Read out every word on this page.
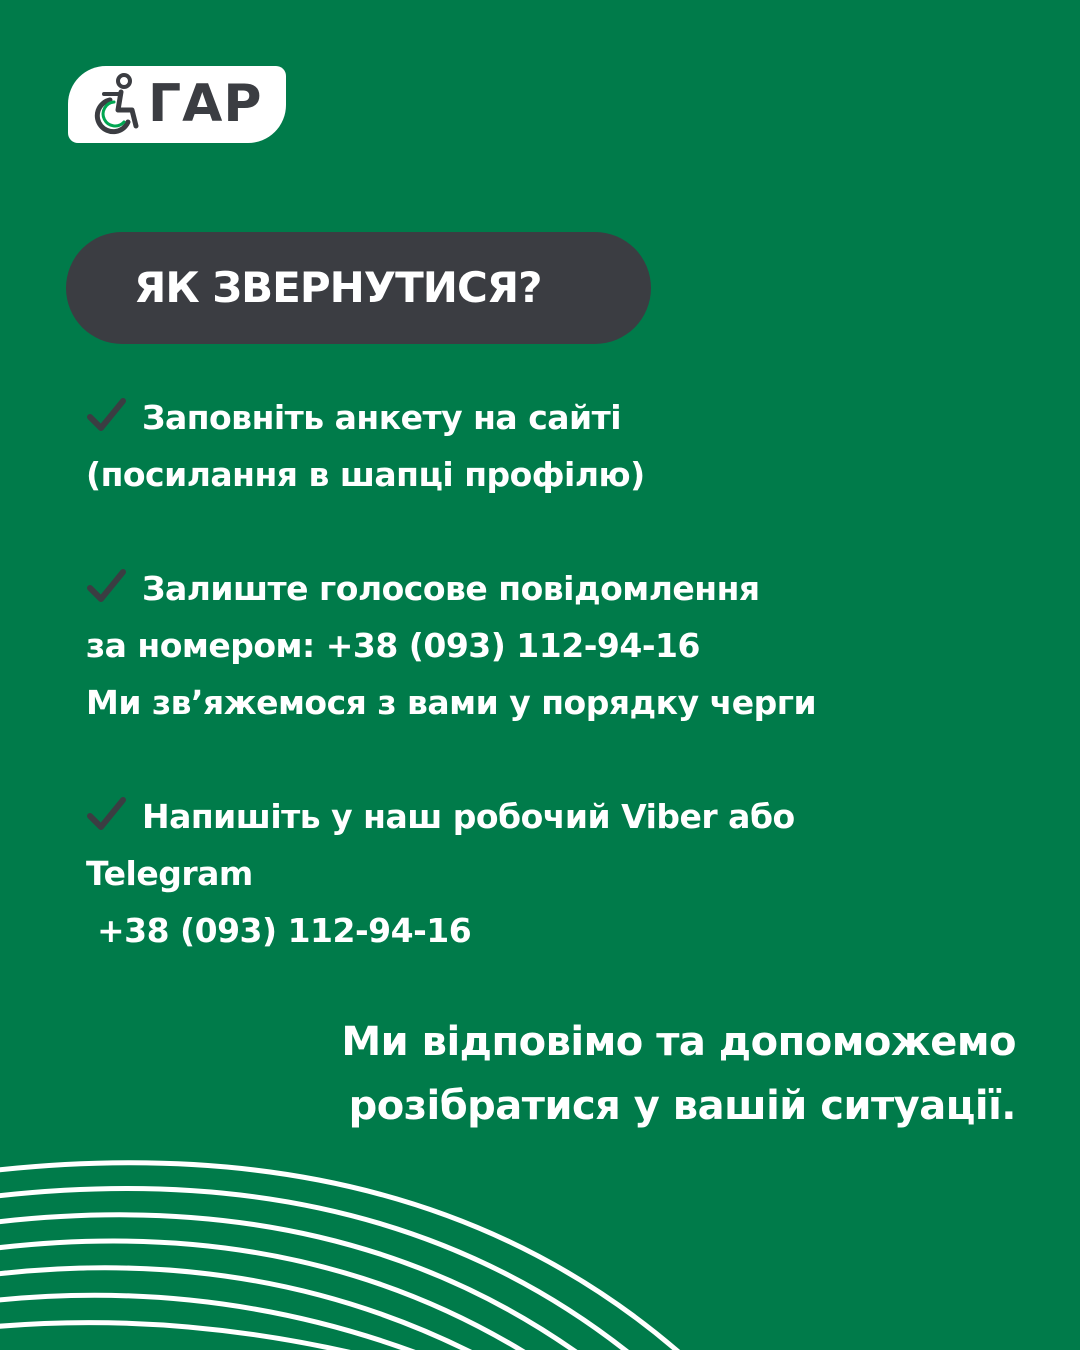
ГАР
ЯК ЗВЕРНУТИСЯ?
Заповніть анкету на сайті
(посилання в шапці профілю)
Залиште голосове повідомлення
за номером: +38 (093) 112-94-16
Ми зв’яжемося з вами у порядку черги
Напишіть у наш робочий Viber або
Telegram
+38 (093) 112-94-16
Ми відповімо та допоможемо
розібратися у вашій ситуації.
